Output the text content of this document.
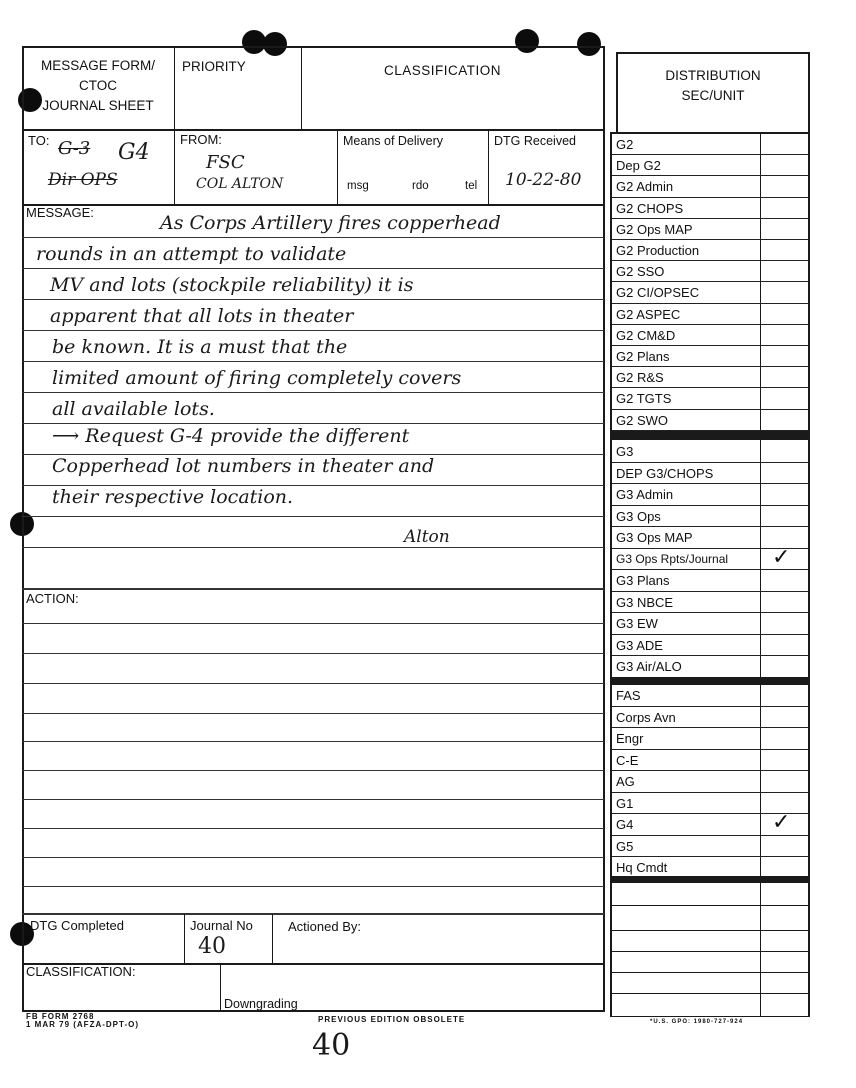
MESSAGE FORM/
CTOC
JOURNAL SHEET
PRIORITY	CLASSIFICATION
TO: G-3 G4
Dir OPS
FROM:
FSC
COL ALTON
Means of Delivery
msg	rdo	tel
DTG Received
10-22-80
MESSAGE:	As Corps Artillery fires copperhead
rounds in an attempt to validate
MV and lots (stockpile reliability) it is
apparent that all lots in theater
be known. It is a must that the
limited amount of firing completely covers
all available lots.
⟶ Request G-4 provide the different
Copperhead lot numbers in theater and
their respective location.
Alton
ACTION:
DTG Completed	Journal No
40
Actioned By:
CLASSIFICATION:
Downgrading
FB FORM 2768
1 MAR 79 (AFZA-DPT-O)
PREVIOUS EDITION OBSOLETE	*U.S. GPO: 1980-727-924
40
DISTRIBUTION
SEC/UNIT
G2
Dep G2
G2 Admin
G2 CHOPS
G2 Ops MAP
G2 Production
G2 SSO
G2 CI/OPSEC
G2 ASPEC
G2 CM&D
G2 Plans
G2 R&S
G2 TGTS
G2 SWO
G3
DEP G3/CHOPS
G3 Admin
G3 Ops
G3 Ops MAP
G3 Ops Rpts/Journal ✓
G3 Plans
G3 NBCE
G3 EW
G3 ADE
G3 Air/ALO
FAS
Corps Avn
Engr
C-E
AG
G1
G4	✓
G5
Hq Cmdt
